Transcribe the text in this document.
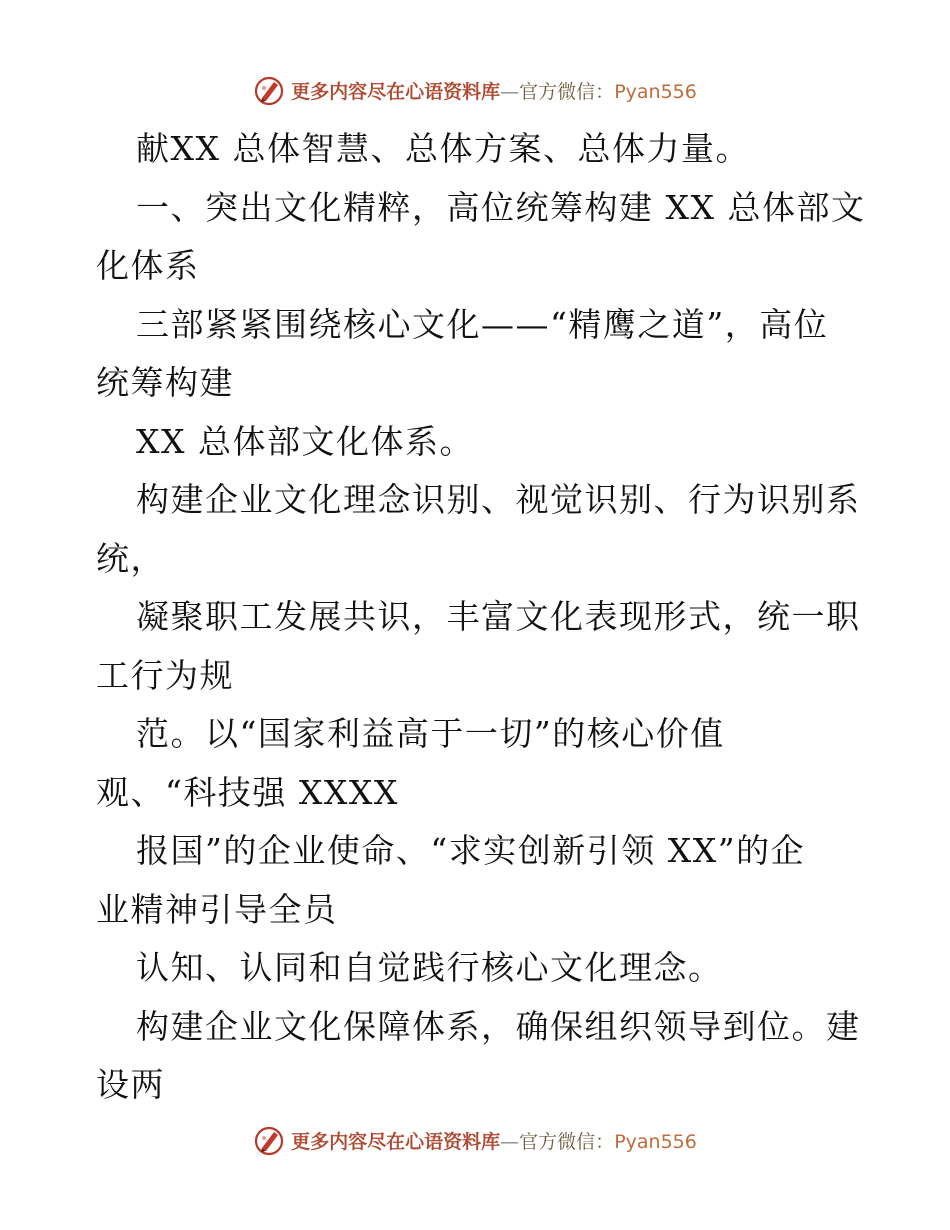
更多内容尽在心语资料库—官方微信：Pyan556
献XX 总体智慧、总体方案、总体力量。
一、突出文化精粹，高位统筹构建 XX 总体部文
化体系
三部紧紧围绕核心文化——“精鹰之道”，高位
统筹构建
XX 总体部文化体系。
构建企业文化理念识别、视觉识别、行为识别系
统，
凝聚职工发展共识，丰富文化表现形式，统一职
工行为规
范。以“国家利益高于一切”的核心价值
观、“科技强 XXXX
报国”的企业使命、“求实创新引领 XX”的企
业精神引导全员
认知、认同和自觉践行核心文化理念。
构建企业文化保障体系，确保组织领导到位。建
设两
更多内容尽在心语资料库—官方微信：Pyan556
